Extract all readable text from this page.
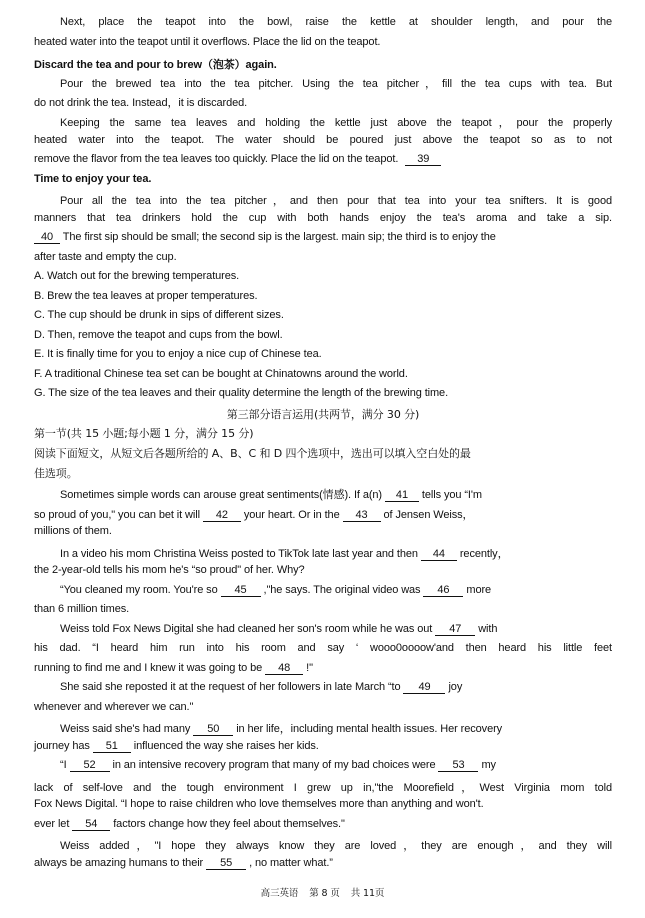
Next, place the teapot into the bowl, raise the kettle at shoulder length, and pour the
heated water into the teapot until it overflows. Place the lid on the teapot.
Discard the tea and pour to brew（泡茶）again.
Pour the brewed tea into the tea pitcher. Using the tea pitcher，fill the tea cups with tea. But
do not drink the tea. Instead，it is discarded.
Keeping the same tea leaves and holding the kettle just above the teapot，pour the properly
heated water into the teapot. The water should be poured just above the teapot so as to not
remove the flavor from the tea leaves too quickly. Place the lid on the teapot. 39
Time to enjoy your tea.
Pour all the tea into the tea pitcher，and then pour that tea into your tea snifters. It is good
manners that tea drinkers hold the cup with both hands enjoy the tea's aroma and take a sip.
40 The first sip should be small; the second sip is the largest. main sip; the third is to enjoy the
after taste and empty the cup.
A. Watch out for the brewing temperatures.
B. Brew the tea leaves at proper temperatures.
C. The cup should be drunk in sips of different sizes.
D. Then, remove the teapot and cups from the bowl.
E. It is finally time for you to enjoy a nice cup of Chinese tea.
F. A traditional Chinese tea set can be bought at Chinatowns around the world.
G. The size of the tea leaves and their quality determine the length of the brewing time.
第三部分语言运用(共两节，满分 30 分)
第一节(共 15 小题;每小题 1 分，满分 15 分)
阅读下面短文，从短文后各题所给的 A、B、C 和 D 四个选项中，选出可以填入空白处的最
佳选项。
Sometimes simple words can arouse great sentiments(情感). If a(n) 41 tells you “I'm
so proud of you," you can bet it will 42 your heart. Or in the 43 of Jensen Weiss，
millions of them.
In a video his mom Christina Weiss posted to TikTok late last year and then 44 recently，
the 2-year-old tells his mom he's “so proud" of her. Why?
“You cleaned my room. You're so 45 ,"he says. The original video was 46 more
than 6 million times.
Weiss told Fox News Digital she had cleaned her son's room while he was out 47 with
his dad. “I heard him run into his room and say ‘ wooo0oooow'and then heard his little feet
running to find me and I knew it was going to be 48 !"
She said she reposted it at the request of her followers in late March “to 49 joy
whenever and wherever we can."
Weiss said she's had many 50 in her life，including mental health issues. Her recovery
journey has 51 influenced the way she raises her kids.
“I 52 in an intensive recovery program that many of my bad choices were 53 my
lack of self-love and the tough environment I grew up in,"the Moorefield，West Virginia mom told
Fox News Digital. “I hope to raise children who love themselves more than anything and won't.
ever let 54 factors change how they feel about themselves."
Weiss added，"I hope they always know they are loved，they are enough，and they will
always be amazing humans to their 55 , no matter what.”
高三英语 第 8 页 共 11页
